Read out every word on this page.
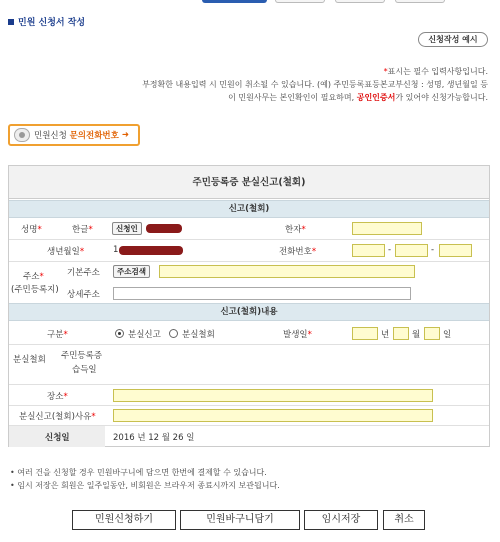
민원 신청서 작성
신청작성 예시
*표시는 필수 입력사항입니다.
부정확한 내용입력 시 민원이 취소될 수 있습니다. (예) 주민등록표등본교부신청 : 성명, 생년월일 등
이 민원사무는 본인확인이 필요하며, 공인인증서가 있어야 신청가능합니다.
민원신청
문의전화번호 ➜
주민등록증 분실신고(철회)
신고(철회)
성명*	한글*	신청인	한자*
생년월일*	1	전화번호*	-	-
주소*
(주민등록지)
기본주소	주소검색
상세주소
신고(철회)내용
구분*	분실신고 분실철회	발생일*	년	월	일
분실철회 주민등록증
습득일
장소*
분실신고(철회)사유*
신청일	2016 년 12 월 26 일
• 여러 건을 신청할 경우 민원바구니에 담으면 한번에 결제할 수 있습니다.
• 임시 저장은 회원은 일주일동안, 비회원은 브라우저 종료시까지 보관됩니다.
민원신청하기	민원바구니담기	임시저장	취소
